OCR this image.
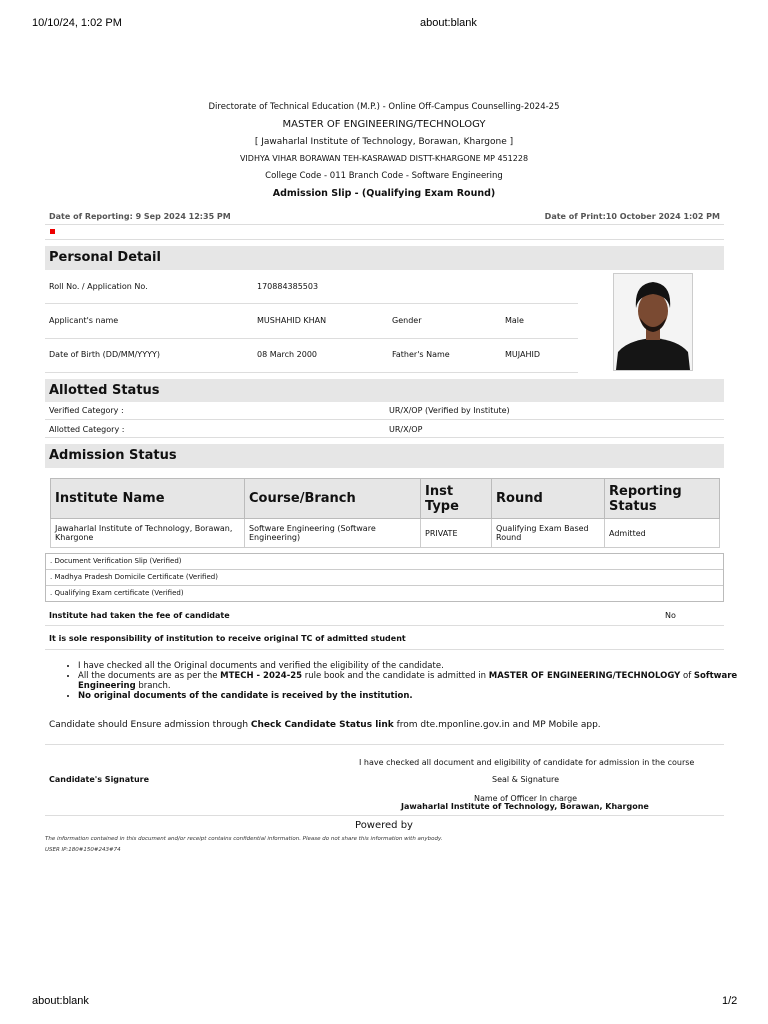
10/10/24, 1:02 PM	about:blank
Directorate of Technical Education (M.P.) - Online Off-Campus Counselling-2024-25
MASTER OF ENGINEERING/TECHNOLOGY
[ Jawaharlal Institute of Technology, Borawan, Khargone ]
VIDHYA VIHAR BORAWAN TEH-KASRAWAD DISTT-KHARGONE MP 451228
College Code - 011 Branch Code - Software Engineering
Admission Slip - (Qualifying Exam Round)
Date of Reporting: 9 Sep 2024 12:35 PM	Date of Print:10 October 2024 1:02 PM
Personal Detail
Roll No. / Application No.	170884385503
Applicant's name	MUSHAHID KHAN	Gender	Male
Date of Birth (DD/MM/YYYY)	08 March 2000	Father's Name	MUJAHID
Allotted Status
Verified Category :	UR/X/OP (Verified by Institute)
Allotted Category :	UR/X/OP
Admission Status
Institute Name	Course/Branch	Inst Type	Round	Reporting Status
Jawaharlal Institute of Technology, Borawan, Khargone	Software Engineering (Software Engineering)	PRIVATE	Qualifying Exam Based Round	Admitted
. Document Verification Slip (Verified)
. Madhya Pradesh Domicile Certificate (Verified)
. Qualifying Exam certificate (Verified)
Institute had taken the fee of candidate	No
It is sole responsibility of institution to receive original TC of admitted student
• I have checked all the Original documents and verified the eligibility of the candidate.
• All the documents are as per the MTECH - 2024-25 rule book and the candidate is admitted in MASTER OF ENGINEERING/TECHNOLOGY of Software Engineering branch.
• No original documents of the candidate is received by the institution.
Candidate should Ensure admission through Check Candidate Status link from dte.mponline.gov.in and MP Mobile app.
I have checked all document and eligibility of candidate for admission in the course
Candidate's Signature	Seal & Signature
Name of Officer In charge
Jawaharlal Institute of Technology, Borawan, Khargone
Powered by
The information contained in this document and/or receipt contains confidential information. Please do not share this information with anybody.
USER IP:180#150#243#74
about:blank	1/2
